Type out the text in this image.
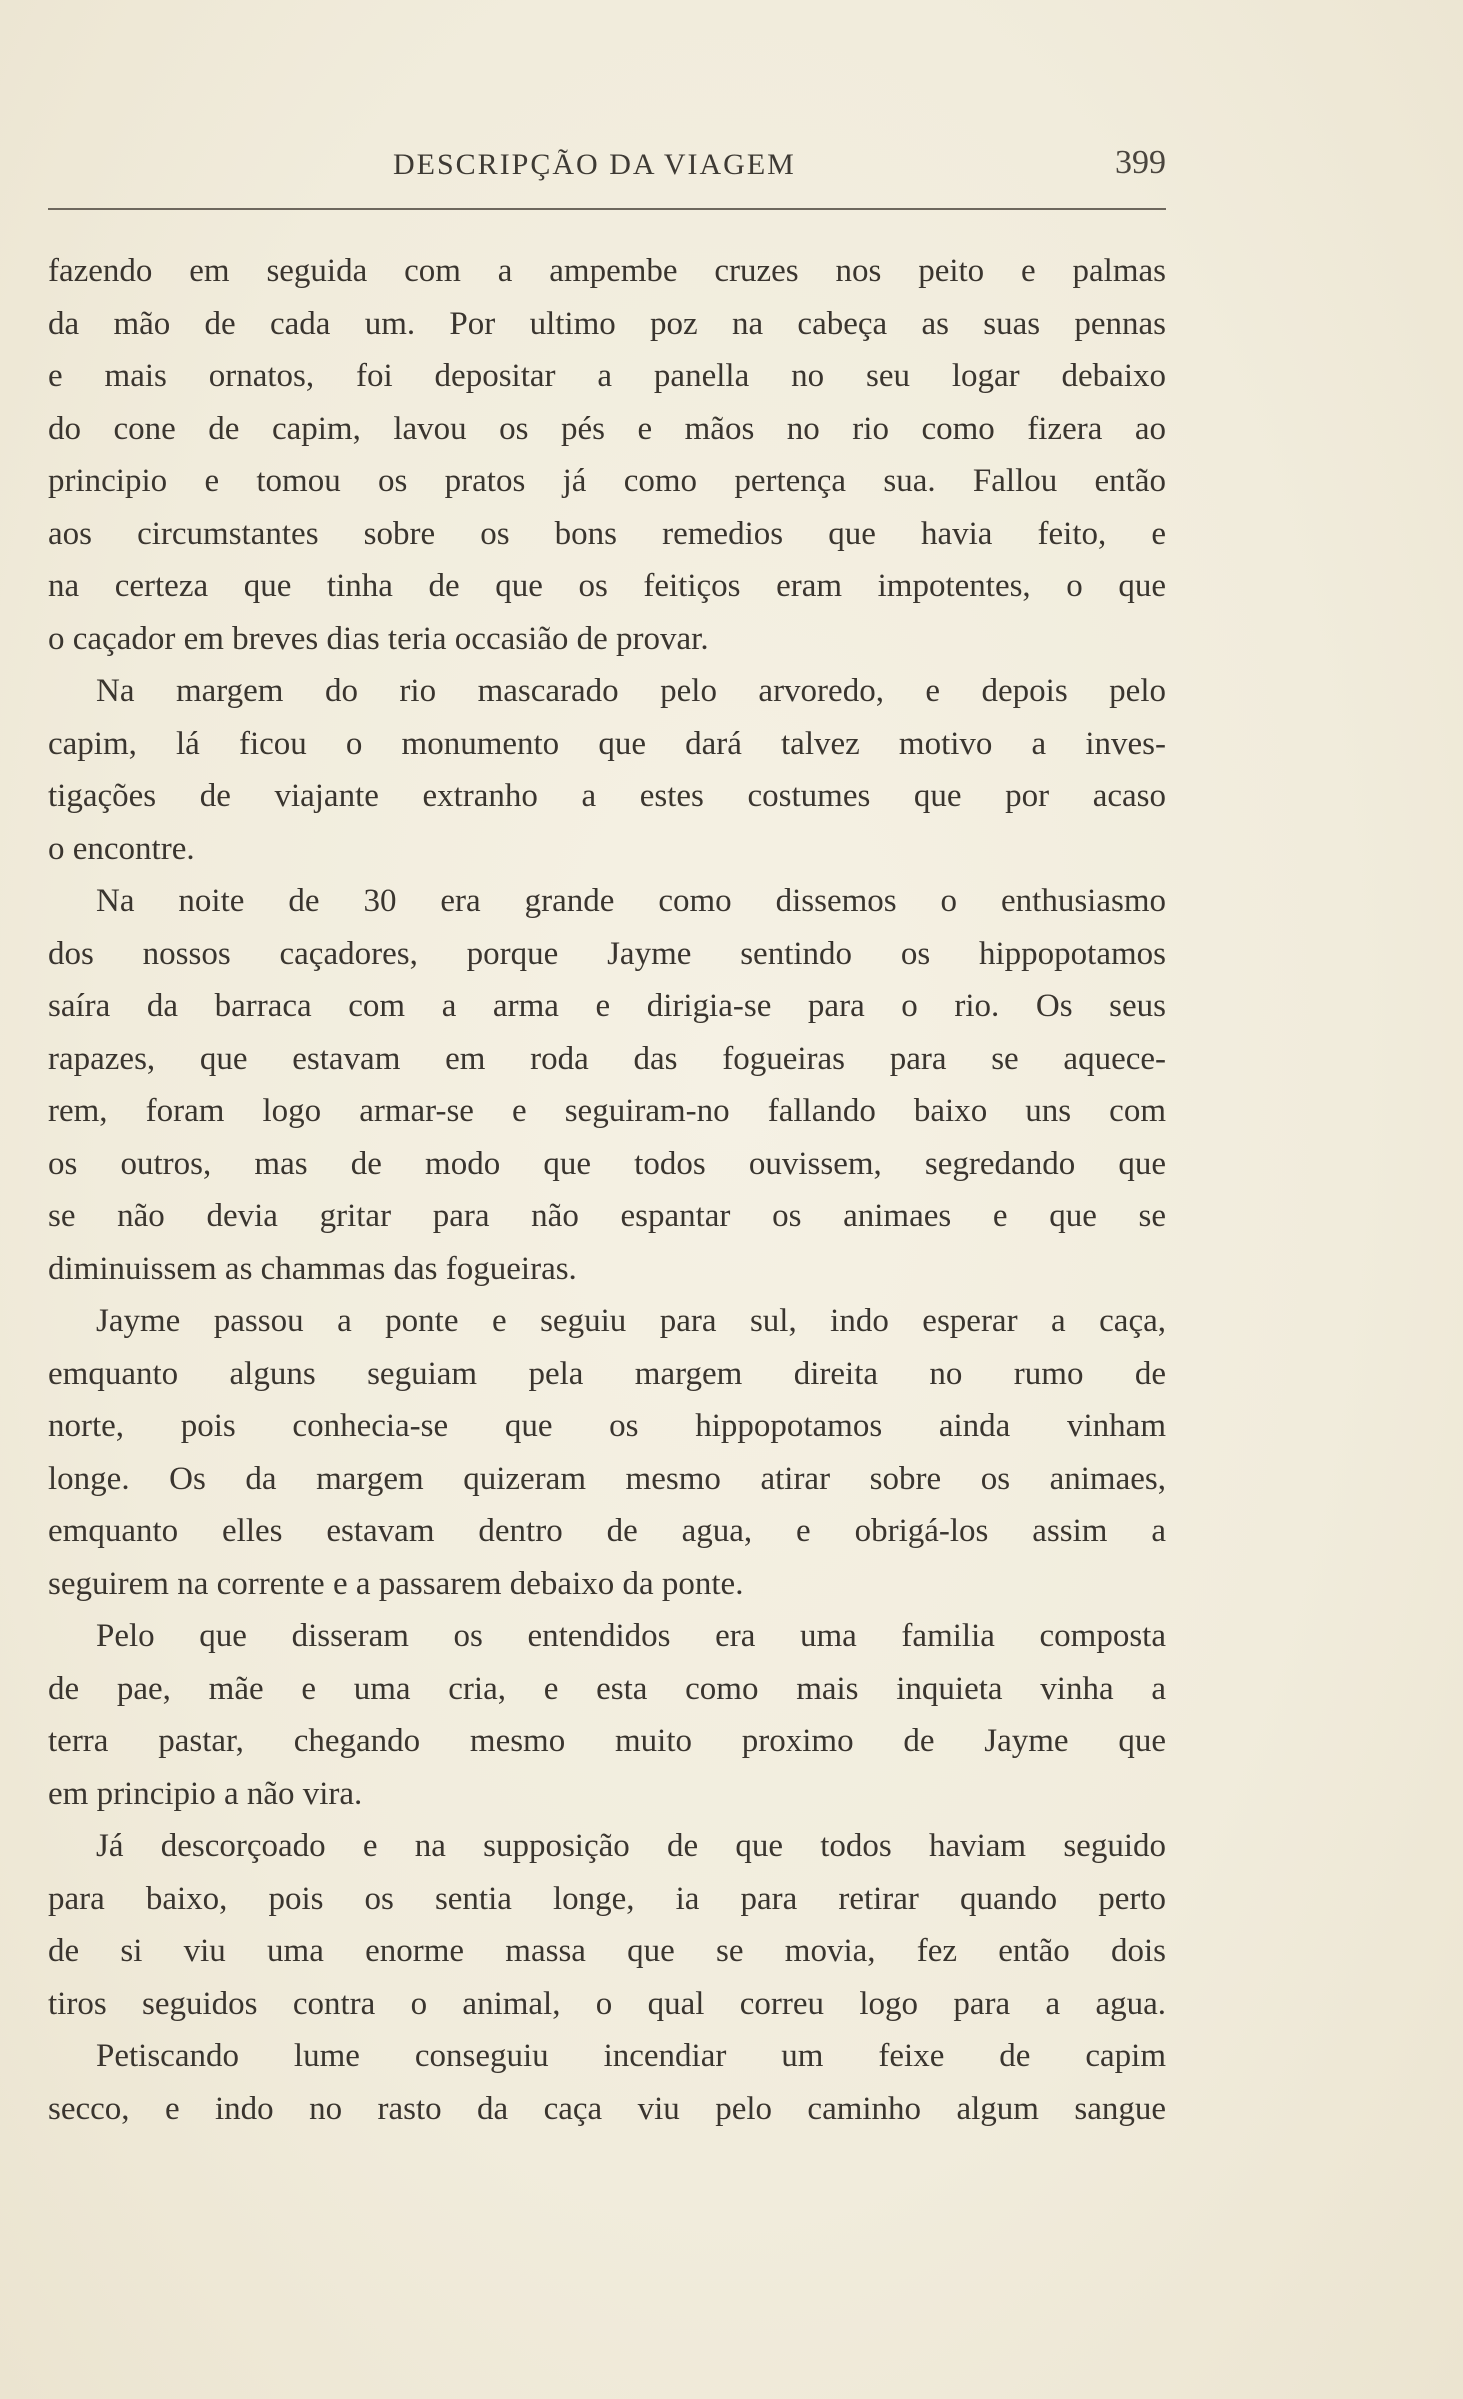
DESCRIPÇÃO DA VIAGEM	399
fazendo em seguida com a ampembe cruzes nos peito e palmas
da mão de cada um. Por ultimo poz na cabeça as suas pennas
e mais ornatos, foi depositar a panella no seu logar debaixo
do cone de capim, lavou os pés e mãos no rio como fizera ao
principio e tomou os pratos já como pertença sua. Fallou então
aos circumstantes sobre os bons remedios que havia feito, e
na certeza que tinha de que os feitiços eram impotentes, o que
o caçador em breves dias teria occasião de provar.
Na margem do rio mascarado pelo arvoredo, e depois pelo
capim, lá ficou o monumento que dará talvez motivo a inves-
tigações de viajante extranho a estes costumes que por acaso
o encontre.
Na noite de 30 era grande como dissemos o enthusiasmo
dos nossos caçadores, porque Jayme sentindo os hippopotamos
saíra da barraca com a arma e dirigia-se para o rio. Os seus
rapazes, que estavam em roda das fogueiras para se aquece-
rem, foram logo armar-se e seguiram-no fallando baixo uns com
os outros, mas de modo que todos ouvissem, segredando que
se não devia gritar para não espantar os animaes e que se
diminuissem as chammas das fogueiras.
Jayme passou a ponte e seguiu para sul, indo esperar a caça,
emquanto alguns seguiam pela margem direita no rumo de
norte, pois conhecia-se que os hippopotamos ainda vinham
longe. Os da margem quizeram mesmo atirar sobre os animaes,
emquanto elles estavam dentro de agua, e obrigá-los assim a
seguirem na corrente e a passarem debaixo da ponte.
Pelo que disseram os entendidos era uma familia composta
de pae, mãe e uma cria, e esta como mais inquieta vinha a
terra pastar, chegando mesmo muito proximo de Jayme que
em principio a não vira.
Já descorçoado e na supposição de que todos haviam seguido
para baixo, pois os sentia longe, ia para retirar quando perto
de si viu uma enorme massa que se movia, fez então dois
tiros seguidos contra o animal, o qual correu logo para a agua.
Petiscando lume conseguiu incendiar um feixe de capim
secco, e indo no rasto da caça viu pelo caminho algum sangue
